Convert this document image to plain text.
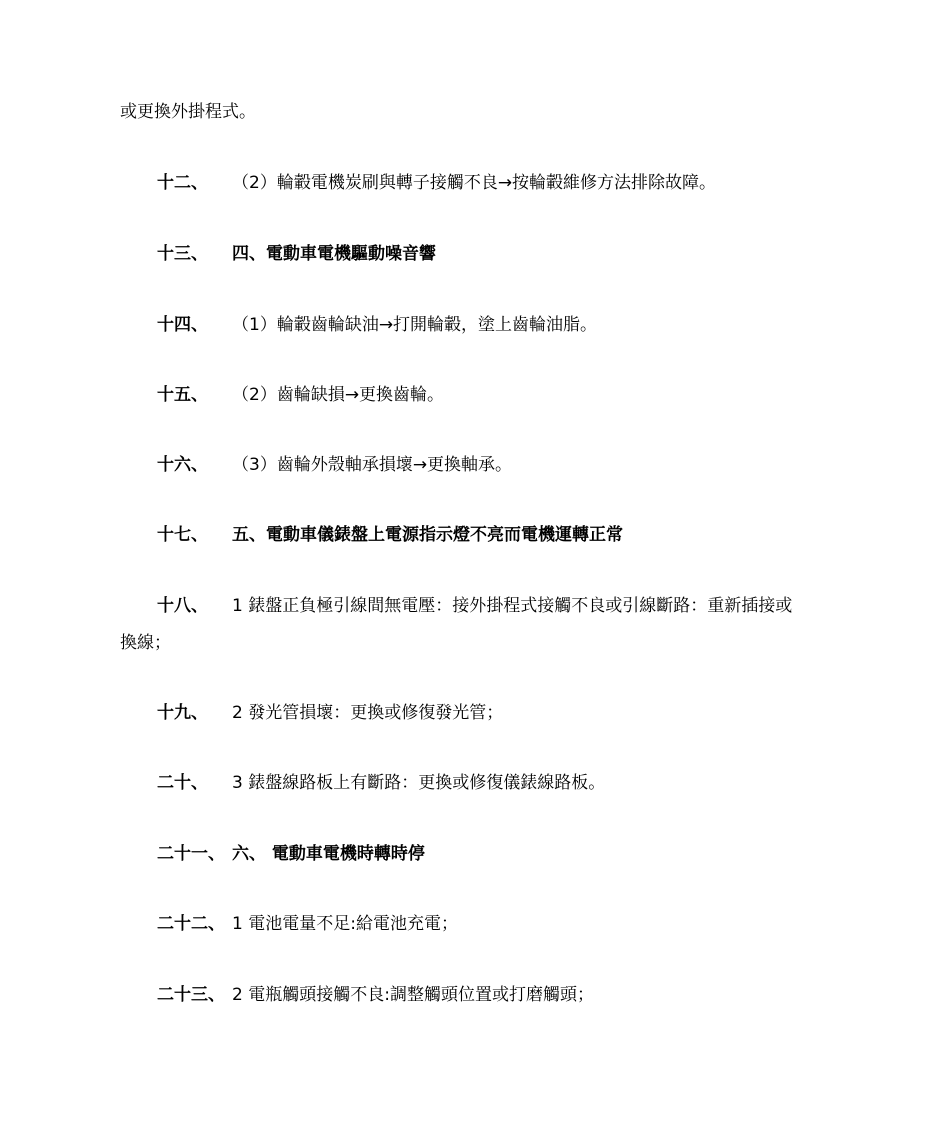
或更換外掛程式。
十二、 （2）輪轂電機炭刷與轉子接觸不良→按輪轂維修方法排除故障。
十三、 四、電動車電機驅動噪音響
十四、 （1）輪轂齒輪缺油→打開輪轂，塗上齒輪油脂。
十五、 （2）齒輪缺損→更換齒輪。
十六、 （3）齒輪外殼軸承損壞→更換軸承。
十七、 五、電動車儀錶盤上電源指示燈不亮而電機運轉正常
十八、 1 錶盤正負極引線間無電壓：接外掛程式接觸不良或引線斷路：重新插接或
換線；
十九、 2 發光管損壞：更換或修復發光管；
二十、 3 錶盤線路板上有斷路：更換或修復儀錶線路板。
二十一、 六、 電動車電機時轉時停
二十二、 1 電池電量不足:給電池充電；
二十三、 2 電瓶觸頭接觸不良:調整觸頭位置或打磨觸頭；
